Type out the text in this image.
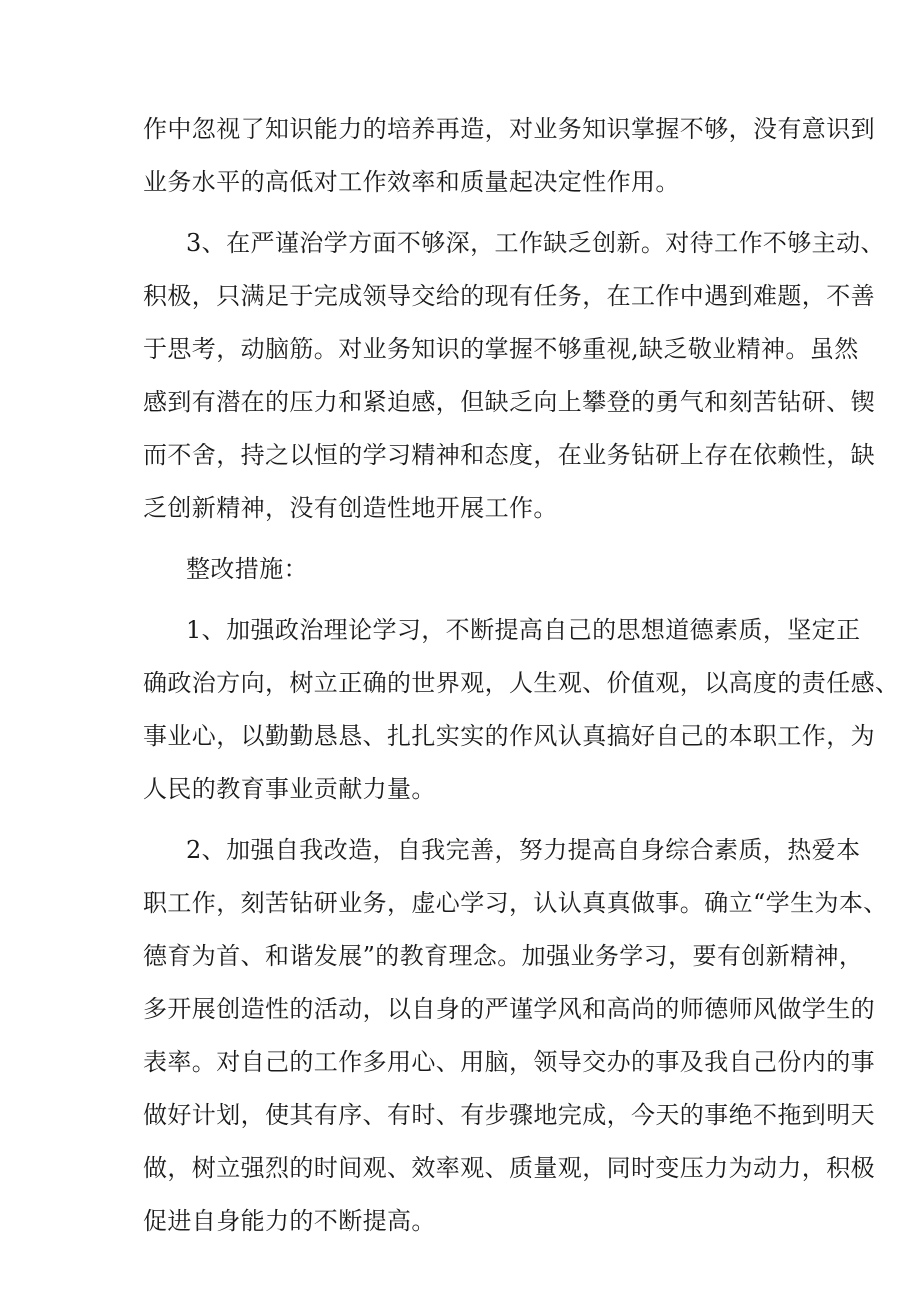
作中忽视了知识能力的培养再造，对业务知识掌握不够，没有意识到
业务水平的高低对工作效率和质量起决定性作用。
3、在严谨治学方面不够深，工作缺乏创新。对待工作不够主动、
积极，只满足于完成领导交给的现有任务，在工作中遇到难题，不善
于思考，动脑筋。对业务知识的掌握不够重视,缺乏敬业精神。虽然
感到有潜在的压力和紧迫感，但缺乏向上攀登的勇气和刻苦钻研、锲
而不舍，持之以恒的学习精神和态度，在业务钻研上存在依赖性，缺
乏创新精神，没有创造性地开展工作。
整改措施：
1、加强政治理论学习，不断提高自己的思想道德素质，坚定正
确政治方向，树立正确的世界观，人生观、价值观，以高度的责任感、
事业心，以勤勤恳恳、扎扎实实的作风认真搞好自己的本职工作，为
人民的教育事业贡献力量。
2、加强自我改造，自我完善，努力提高自身综合素质，热爱本
职工作，刻苦钻研业务，虚心学习，认认真真做事。确立“学生为本、
德育为首、和谐发展”的教育理念。加强业务学习，要有创新精神，
多开展创造性的活动，以自身的严谨学风和高尚的师德师风做学生的
表率。对自己的工作多用心、用脑，领导交办的事及我自己份内的事
做好计划，使其有序、有时、有步骤地完成，今天的事绝不拖到明天
做，树立强烈的时间观、效率观、质量观，同时变压力为动力，积极
促进自身能力的不断提高。
